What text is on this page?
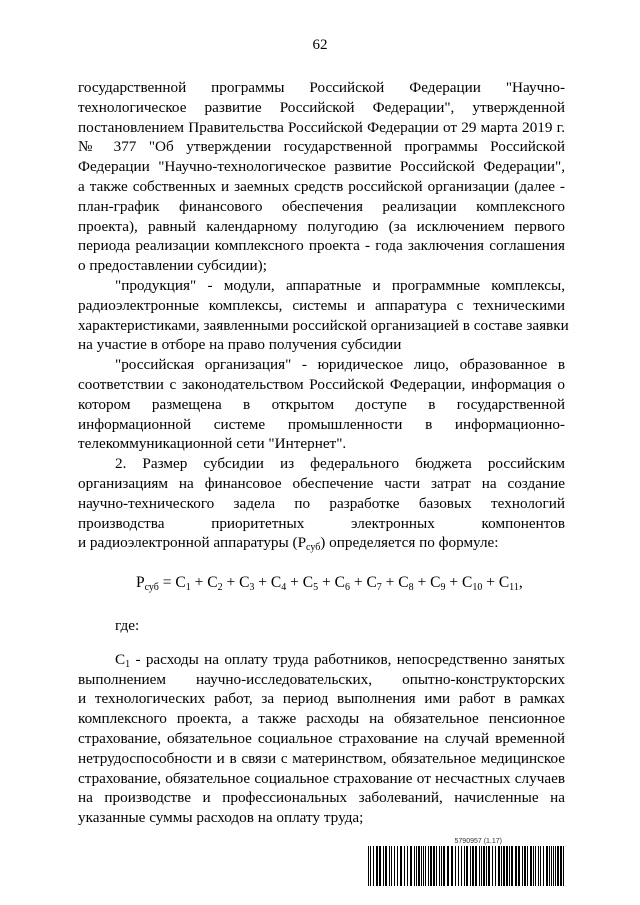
62
государственной программы Российской Федерации "Научно-
технологическое развитие Российской Федерации", утвержденной
постановлением Правительства Российской Федерации от 29 марта 2019 г.
№ 377 "Об утверждении государственной программы Российской
Федерации "Научно-технологическое развитие Российской Федерации",
а также собственных и заемных средств российской организации (далее -
план-график финансового обеспечения реализации комплексного
проекта), равный календарному полугодию (за исключением первого
периода реализации комплексного проекта - года заключения соглашения
о предоставлении субсидии);
"продукция" - модули, аппаратные и программные комплексы,
радиоэлектронные комплексы, системы и аппаратура с техническими
характеристиками, заявленными российской организацией в составе заявки
на участие в отборе на право получения субсидии
"российская организация" - юридическое лицо, образованное в
соответствии с законодательством Российской Федерации, информация о
котором размещена в открытом доступе в государственной
информационной системе промышленности в информационно-
телекоммуникационной сети "Интернет".
2. Размер субсидии из федерального бюджета российским
организациям на финансовое обеспечение части затрат на создание
научно-технического задела по разработке базовых технологий
производства приоритетных электронных компонентов
и радиоэлектронной аппаратуры $(P_{суб})$ определяется по формуле:
$P_{суб} = C_1 + C_2 + C_3 + C_4 + C_5 + C_6 + C_7 + C_8 + C_9 + C_{10} + C_{11}$,
где:
$C_1$ - расходы на оплату труда работников, непосредственно занятых
выполнением научно-исследовательских, опытно-конструкторских
и технологических работ, за период выполнения ими работ в рамках
комплексного проекта, а также расходы на обязательное пенсионное
страхование, обязательное социальное страхование на случай временной
нетрудоспособности и в связи с материнством, обязательное медицинское
страхование, обязательное социальное страхование от несчастных случаев
на производстве и профессиональных заболеваний, начисленные на
указанные суммы расходов на оплату труда;
5790957 (1.17)
